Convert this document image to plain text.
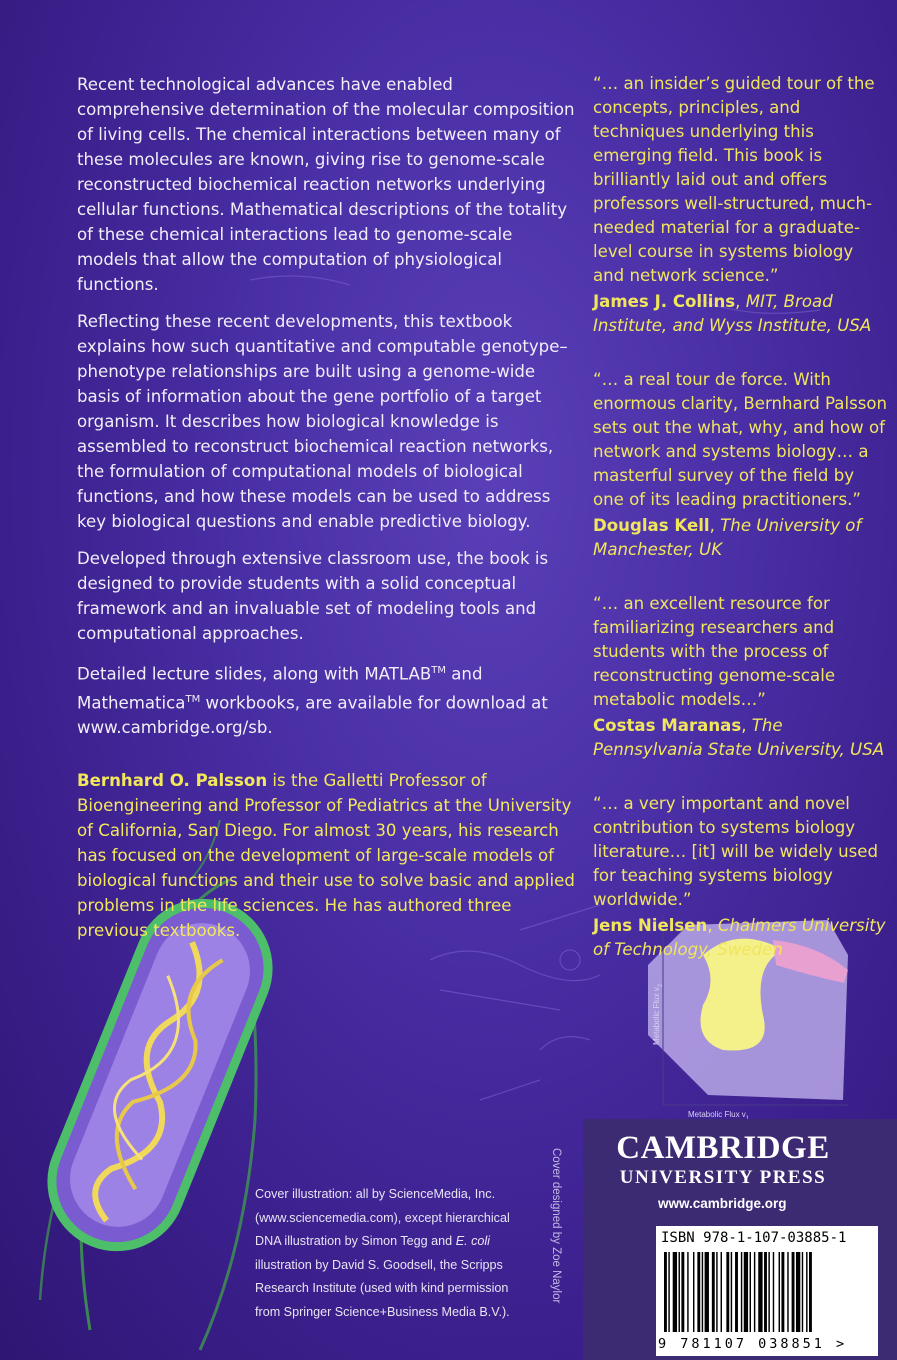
Metabolic Flux v
Metabolic Flux $v_2$

Recent technological advances have enabled comprehensive determination of the molecular composition of living cells. The chemical interactions between many of these molecules are known, giving rise to genome-scale reconstructed biochemical reaction networks underlying cellular functions. Mathematical descriptions of the totality of these chemical interactions lead to genome-scale models that allow the computation of physiological functions.

Reflecting these recent developments, this textbook explains how such quantitative and computable genotype–phenotype relationships are built using a genome-wide basis of information about the gene portfolio of a target organism. It describes how biological knowledge is assembled to reconstruct biochemical reaction networks, the formulation of computational models of biological functions, and how these models can be used to address key biological questions and enable predictive biology.

Developed through extensive classroom use, the book is designed to provide students with a solid conceptual framework and an invaluable set of modeling tools and computational approaches.

Detailed lecture slides, along with MATLAB™ and Mathematica™ workbooks, are available for download at www.cambridge.org/sb.

Bernhard O. Palsson is the Galletti Professor of Bioengineering and Professor of Pediatrics at the University of California, San Diego. For almost 30 years, his research has focused on the development of large-scale models of biological functions and their use to solve basic and applied problems in the life sciences. He has authored three previous textbooks.

“… an insider’s guided tour of the concepts, principles, and techniques underlying this emerging field. This book is brilliantly laid out and offers professors well-structured, much-needed material for a graduate-level course in systems biology and network science.”
James J. Collins, MIT, Broad Institute, and Wyss Institute, USA
“… a real tour de force. With enormous clarity, Bernhard Palsson sets out the what, why, and how of network and systems biology… a masterful survey of the field by one of its leading practitioners.”
Douglas Kell, The University of Manchester, UK
“… an excellent resource for familiarizing researchers and students with the process of reconstructing genome-scale metabolic models…”
Costas Maranas, The Pennsylvania State University, USA
“… a very important and novel contribution to systems biology literature… [it] will be widely used for teaching systems biology worldwide.”
Jens Nielsen, Chalmers University of Technology, Sweden
Cover illustration: all by ScienceMedia, Inc. (www.sciencemedia.com), except hierarchical DNA illustration by Simon Tegg and E. coli illustration by David S. Goodsell, the Scripps Research Institute (used with kind permission from Springer Science+Business Media B.V.).
Cover designed by Zoe Naylor	CAMBRIDGE
UNIVERSITY PRESS
www.cambridge.org
ISBN 978-1-107-03885-1
9 781107 038851 >
